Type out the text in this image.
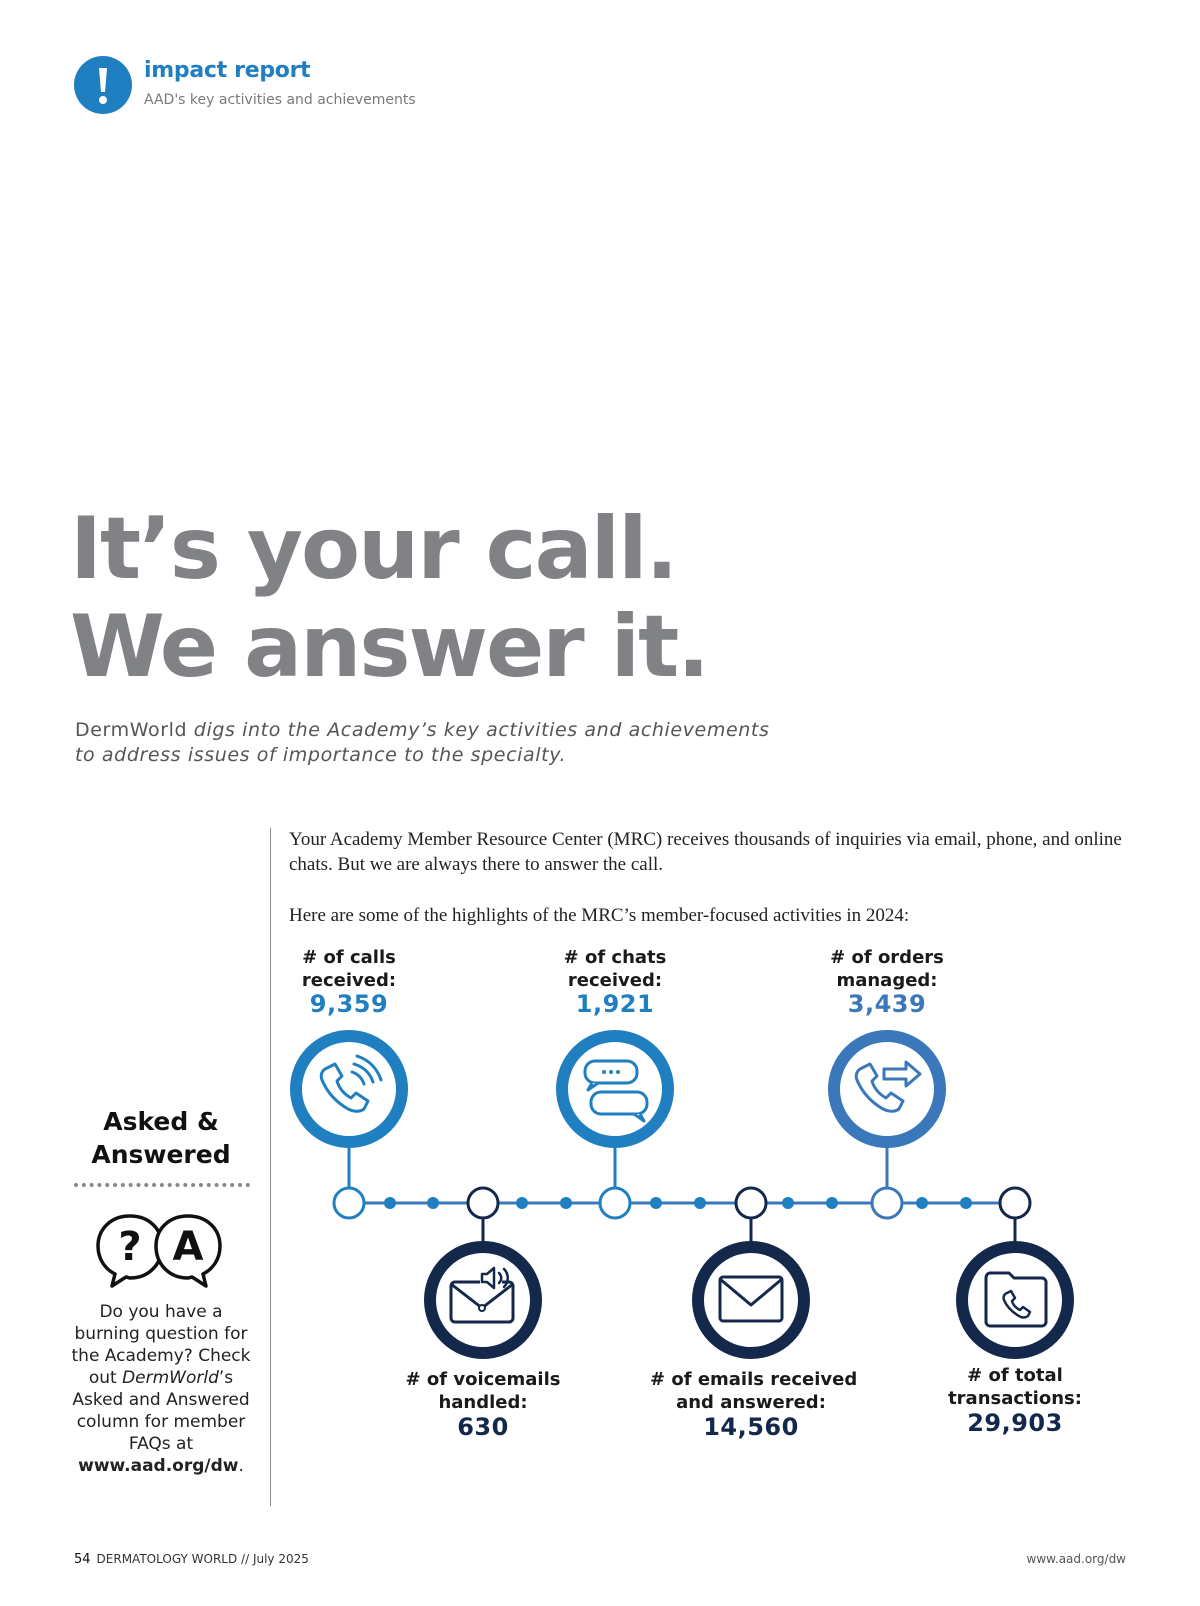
impact report
AAD's key activities and achievements
It’s your call.
We answer it.
DermWorld digs into the Academy’s key activities and achievements
to address issues of importance to the specialty.

Your Academy Member Resource Center (MRC) receives thousands of inquiries via email, phone, and online chats. But we are always there to answer the call.

Here are some of the highlights of the MRC’s member-focused activities in 2024:

Asked &
Answered
? A
Do you have a burning question for the Academy? Check out DermWorld’s Asked and Answered column for member FAQs at www.aad.org/dw.
# of calls
received:
9,359
# of chats
received:
1,921
# of orders
managed:
3,439
# of voicemails
handled:
630
# of emails received
and answered:
14,560
# of total
transactions:
29,903
54 DERMATOLOGY WORLD // July 2025	www.aad.org/dw
